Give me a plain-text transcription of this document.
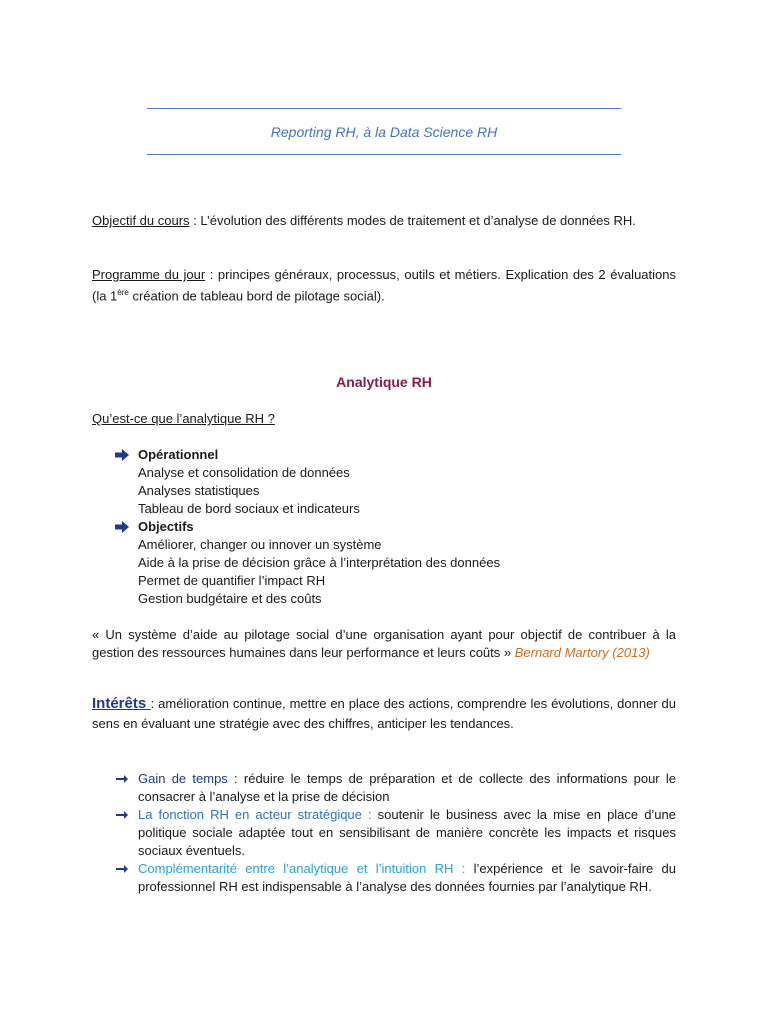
Reporting RH, à la Data Science RH

Objectif du cours : L’évolution des différents modes de traitement et d’analyse de données RH.

Programme du jour : principes généraux, processus, outils et métiers. Explication des 2 évaluations (la 1ère création de tableau bord de pilotage social).

Analytique RH
Qu’est-ce que l’analytique RH ?
Opérationnel
Analyse et consolidation de données
Analyses statistiques
Tableau de bord sociaux et indicateurs
Objectifs
Améliorer, changer ou innover un système
Aide à la prise de décision grâce à l’interprétation des données
Permet de quantifier l’impact RH
Gestion budgétaire et des coûts
« Un système d’aide au pilotage social d’une organisation ayant pour objectif de contribuer à la gestion des ressources humaines dans leur performance et leurs coûts » Bernard Martory (2013)
Intérêts : amélioration continue, mettre en place des actions, comprendre les évolutions, donner du sens en évaluant une stratégie avec des chiffres, anticiper les tendances.
Gain de temps : réduire le temps de préparation et de collecte des informations pour le consacrer à l’analyse et la prise de décision
La fonction RH en acteur stratégique : soutenir le business avec la mise en place d’une politique sociale adaptée tout en sensibilisant de manière concrète les impacts et risques sociaux éventuels.
Complémentarité entre l’analytique et l’intuition RH : l’expérience et le savoir-faire du professionnel RH est indispensable à l’analyse des données fournies par l’analytique RH.
